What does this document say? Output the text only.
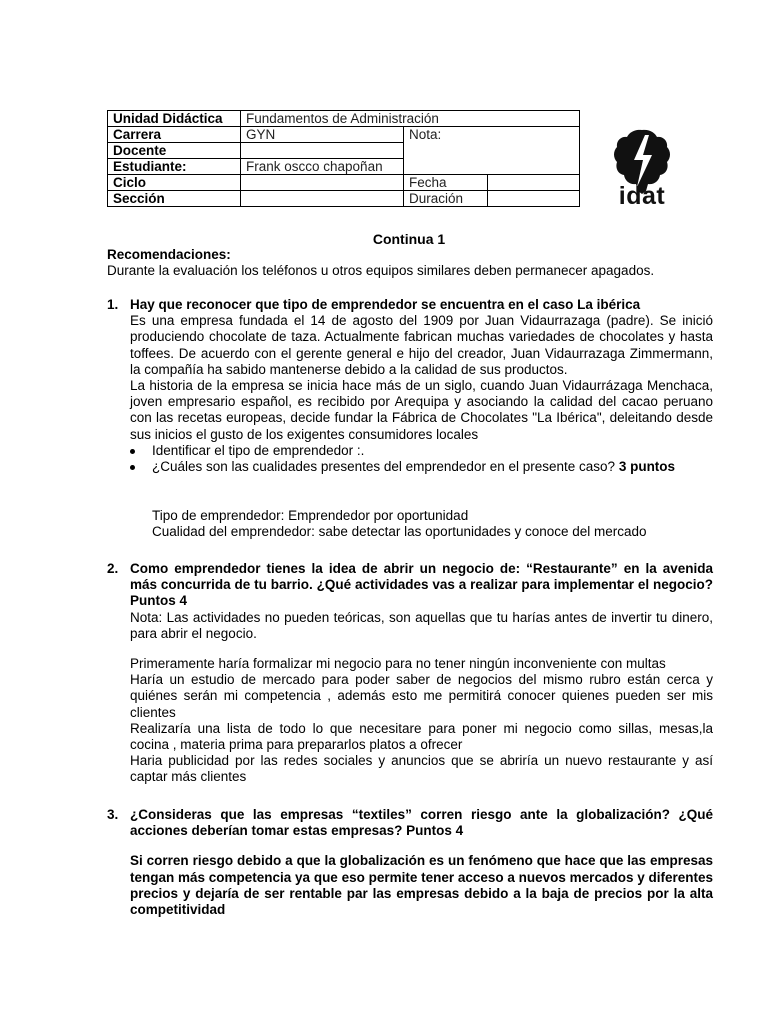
Unidad Didáctica	Fundamentos de Administración		
Carrera	GYN	Nota:	
Docente			
Estudiante:	Frank oscco chapoñan		
Ciclo		Fecha	
Sección		Duración		idat
Continua 1
Recomendaciones:
Durante la evaluación los teléfonos u otros equipos similares deben permanecer apagados.
1. Hay que reconocer que tipo de emprendedor se encuentra en el caso La ibérica

Es una empresa fundada el 14 de agosto del 1909 por Juan Vidaurrazaga (padre). Se inició produciendo chocolate de taza. Actualmente fabrican muchas variedades de chocolates y hasta toffees. De acuerdo con el gerente general e hijo del creador, Juan Vidaurrazaga Zimmermann, la compañía ha sabido mantenerse debido a la calidad de sus productos.

La historia de la empresa se inicia hace más de un siglo, cuando Juan Vidaurrázaga Menchaca, joven empresario español, es recibido por Arequipa y asociando la calidad del cacao peruano con las recetas europeas, decide fundar la Fábrica de Chocolates "La Ibérica", deleitando desde sus inicios el gusto de los exigentes consumidores locales

Identificar el tipo de emprendedor :.
¿Cuáles son las cualidades presentes del emprendedor en el presente caso? 3 puntos
Tipo de emprendedor: Emprendedor por oportunidad
Cualidad del emprendedor: sabe detectar las oportunidades y conoce del mercado
2. Como emprendedor tienes la idea de abrir un negocio de: “Restaurante” en la avenida más concurrida de tu barrio. ¿Qué actividades vas a realizar para implementar el negocio? Puntos 4

Nota: Las actividades no pueden teóricas, son aquellas que tu harías antes de invertir tu dinero, para abrir el negocio.

Primeramente haría formalizar mi negocio para no tener ningún inconveniente con multas

Haría un estudio de mercado para poder saber de negocios del mismo rubro están cerca y quiénes serán mi competencia , además esto me permitirá conocer quienes pueden ser mis clientes

Realizaría una lista de todo lo que necesitare para poner mi negocio como sillas, mesas,la cocina , materia prima para prepararlos platos a ofrecer

Haria publicidad por las redes sociales y anuncios que se abriría un nuevo restaurante y así captar más clientes

3. ¿Consideras que las empresas “textiles” corren riesgo ante la globalización? ¿Qué acciones deberían tomar estas empresas? Puntos 4

Si corren riesgo debido a que la globalización es un fenómeno que hace que las empresas tengan más competencia ya que eso permite tener acceso a nuevos mercados y diferentes precios y dejaría de ser rentable par las empresas debido a la baja de precios por la alta competitividad
